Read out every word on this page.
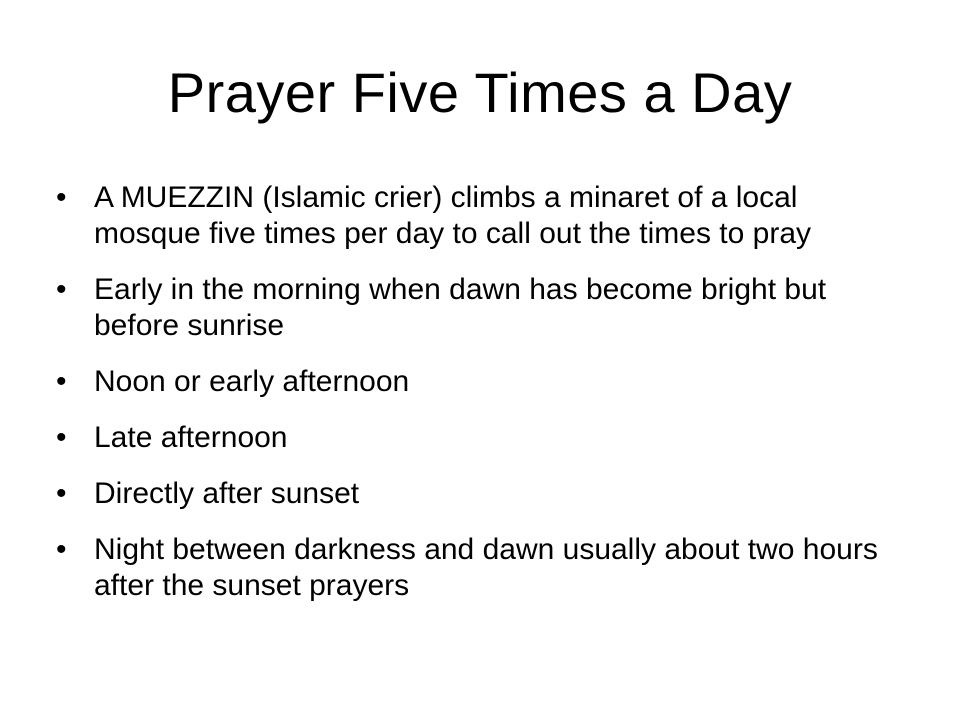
Prayer Five Times a Day
• A MUEZZIN (Islamic crier) climbs a minaret of a local mosque five times per day to call out the times to pray
• Early in the morning when dawn has become bright but before sunrise
• Noon or early afternoon
• Late afternoon
• Directly after sunset
• Night between darkness and dawn usually about two hours after the sunset prayers
